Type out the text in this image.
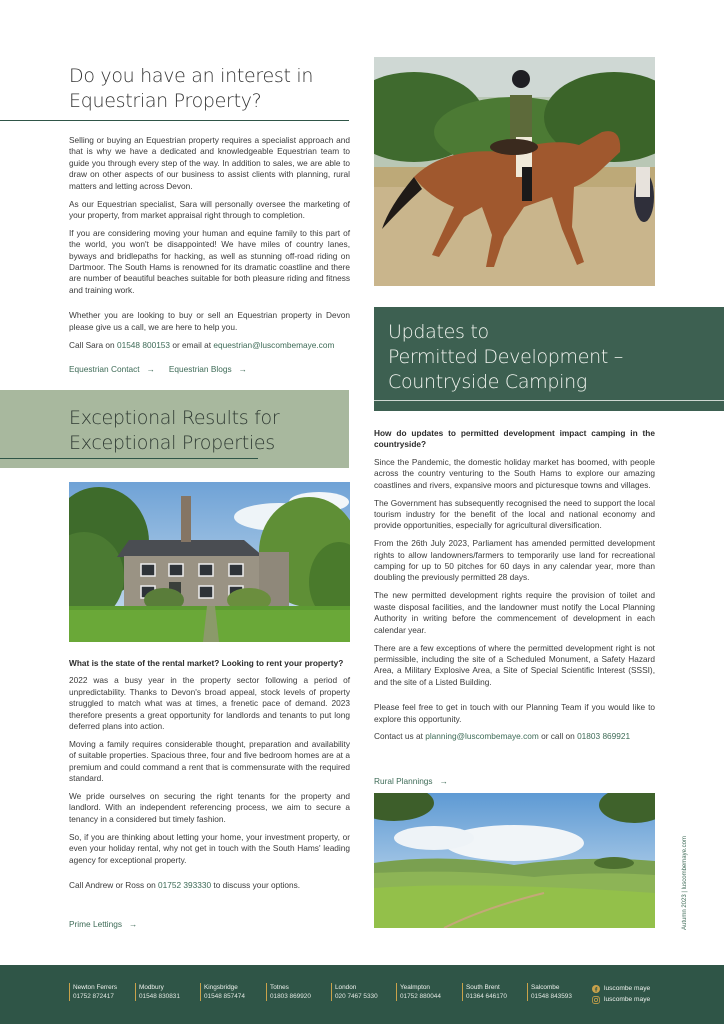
Do you have an interest in
Equestrian Property?

Selling or buying an Equestrian property requires a specialist approach and that is why we have a dedicated and knowledgeable Equestrian team to guide you through every step of the way. In addition to sales, we are able to draw on other aspects of our business to assist clients with planning, rural matters and letting across Devon.

As our Equestrian specialist, Sara will personally oversee the marketing of your property, from market appraisal right through to completion.

If you are considering moving your human and equine family to this part of the world, you won't be disappointed! We have miles of country lanes, byways and bridlepaths for hacking, as well as stunning off-road riding on Dartmoor. The South Hams is renowned for its dramatic coastline and there are number of beautiful beaches suitable for both pleasure riding and fitness and training work.

Whether you are looking to buy or sell an Equestrian property in Devon please give us a call, we are here to help you.

Call Sara on 01548 800153 or email at equestrian@luscombemaye.com

Equestrian Contact → Equestrian Blogs →
Exceptional Results for
Exceptional Properties

What is the state of the rental market? Looking to rent your property?

2022 was a busy year in the property sector following a period of unpredictability. Thanks to Devon's broad appeal, stock levels of property struggled to match what was at times, a frenetic pace of demand. 2023 therefore presents a great opportunity for landlords and tenants to put long deferred plans into action.

Moving a family requires considerable thought, preparation and availability of suitable properties. Spacious three, four and five bedroom homes are at a premium and could command a rent that is commensurate with the required standard.

We pride ourselves on securing the right tenants for the property and landlord. With an independent referencing process, we aim to secure a tenancy in a considered but timely fashion.

So, if you are thinking about letting your home, your investment property, or even your holiday rental, why not get in touch with the South Hams' leading agency for exceptional property.

Call Andrew or Ross on 01752 393330 to discuss your options.

Prime Lettings →
Updates to
Permitted Development –
Countryside Camping

How do updates to permitted development impact camping in the countryside?

Since the Pandemic, the domestic holiday market has boomed, with people across the country venturing to the South Hams to explore our amazing coastlines and rivers, expansive moors and picturesque towns and villages.

The Government has subsequently recognised the need to support the local tourism industry for the benefit of the local and national economy and provide opportunities, especially for agricultural diversification.

From the 26th July 2023, Parliament has amended permitted development rights to allow landowners/farmers to temporarily use land for recreational camping for up to 50 pitches for 60 days in any calendar year, more than doubling the previously permitted 28 days.

The new permitted development rights require the provision of toilet and waste disposal facilities, and the landowner must notify the Local Planning Authority in writing before the commencement of development in each calendar year.

There are a few exceptions of where the permitted development right is not permissible, including the site of a Scheduled Monument, a Safety Hazard Area, a Military Explosive Area, a Site of Special Scientific Interest (SSSI), and the site of a Listed Building.

Please feel free to get in touch with our Planning Team if you would like to explore this opportunity.

Contact us at planning@luscombemaye.com or call on 01803 869921

Rural Plannings →
Autumn 2023 | luscombemaye.com
Newton Ferrers
01752 872417
Modbury
01548 830831
Kingsbridge
01548 857474
Totnes
01803 869920
London
020 7467 5330
Yealmpton
01752 880044
South Brent
01364 646170
Salcombe
01548 843593
luscombe maye
luscombe maye
